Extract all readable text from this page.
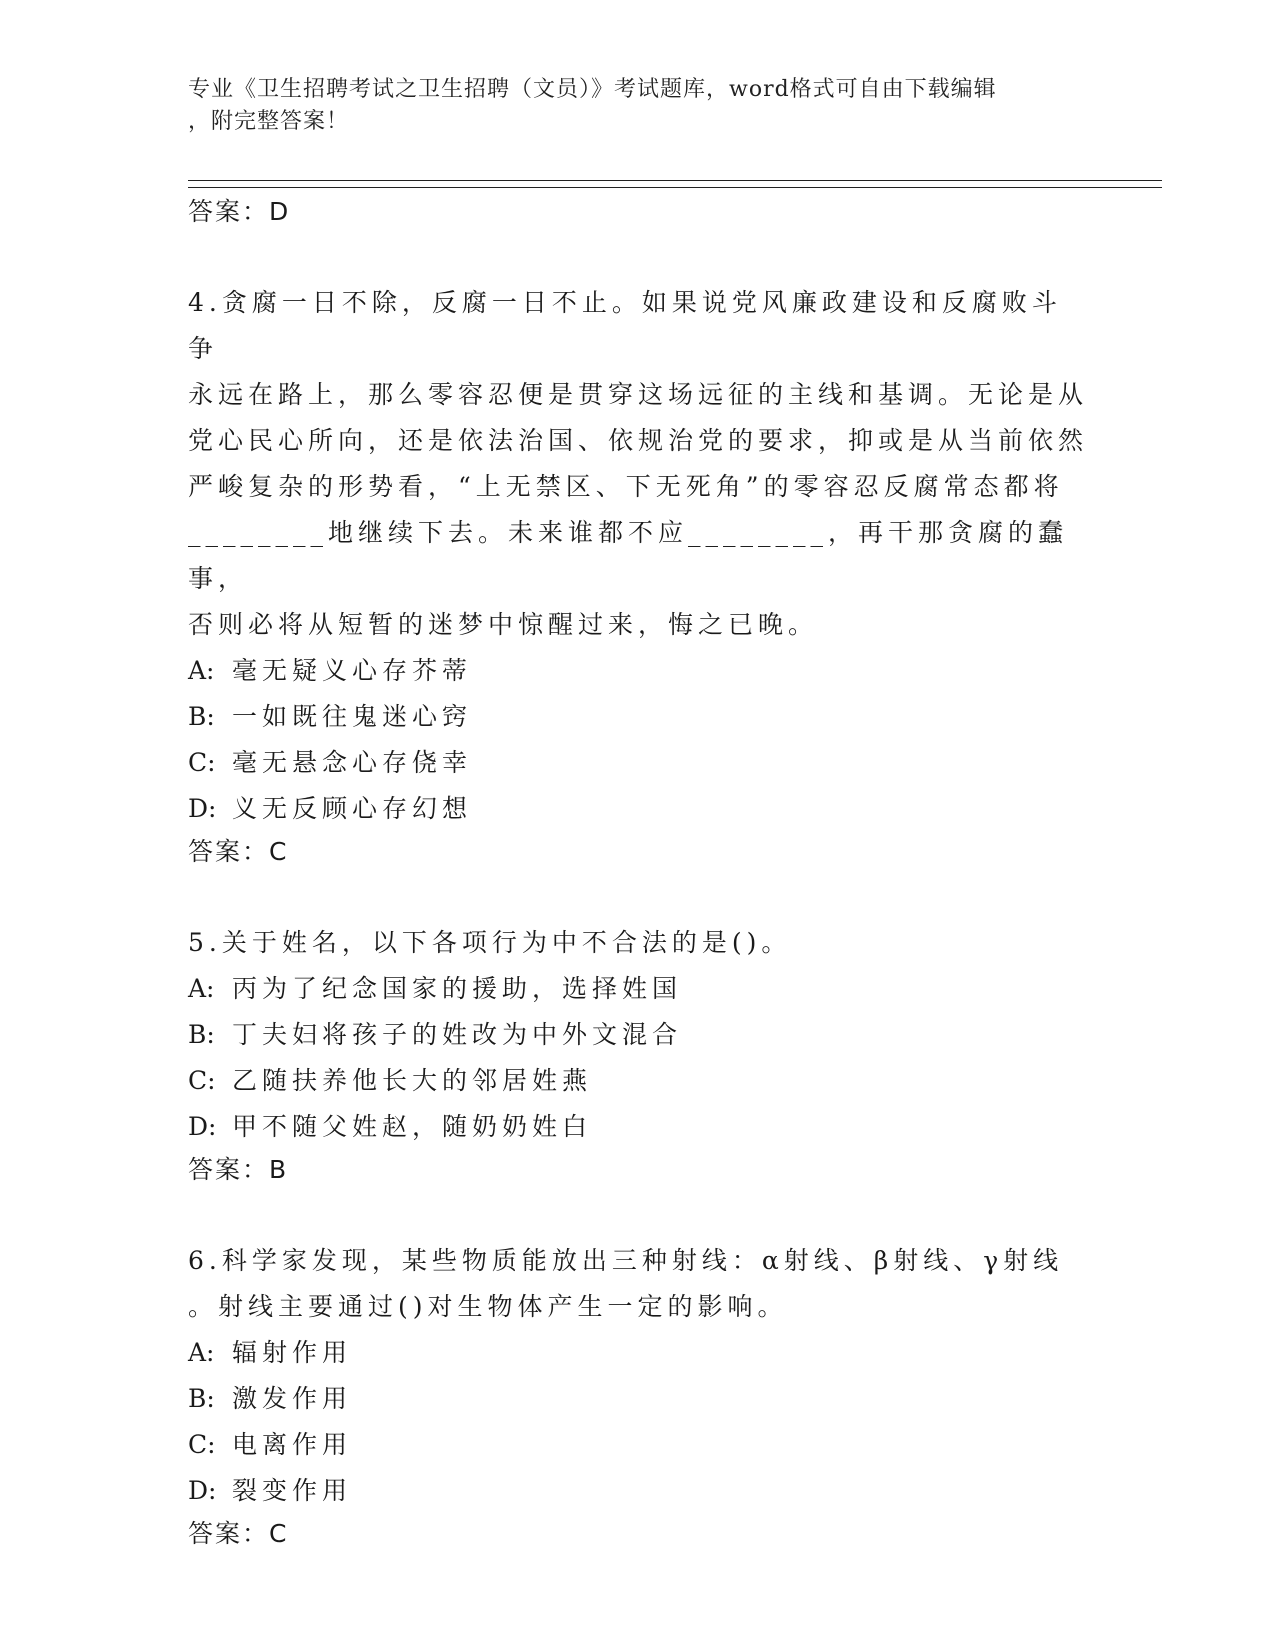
专业《卫生招聘考试之卫生招聘（文员）》考试题库，word格式可自由下载编辑
，附完整答案！

答案：D

4.贪腐一日不除，反腐一日不止。如果说党风廉政建设和反腐败斗争

永远在路上，那么零容忍便是贯穿这场远征的主线和基调。无论是从

党心民心所向，还是依法治国、依规治党的要求，抑或是从当前依然

严峻复杂的形势看，“上无禁区、下无死角”的零容忍反腐常态都将

________地继续下去。未来谁都不应________，再干那贪腐的蠢事，

否则必将从短暂的迷梦中惊醒过来，悔之已晚。

A: 毫无疑义心存芥蒂

B: 一如既往鬼迷心窍

C: 毫无悬念心存侥幸

D: 义无反顾心存幻想

答案：C

5.关于姓名，以下各项行为中不合法的是()。

A: 丙为了纪念国家的援助，选择姓国

B: 丁夫妇将孩子的姓改为中外文混合

C: 乙随扶养他长大的邻居姓燕

D: 甲不随父姓赵，随奶奶姓白

答案：B

6.科学家发现，某些物质能放出三种射线：α射线、β射线、γ射线

。射线主要通过()对生物体产生一定的影响。

A: 辐射作用

B: 激发作用

C: 电离作用

D: 裂变作用

答案：C
